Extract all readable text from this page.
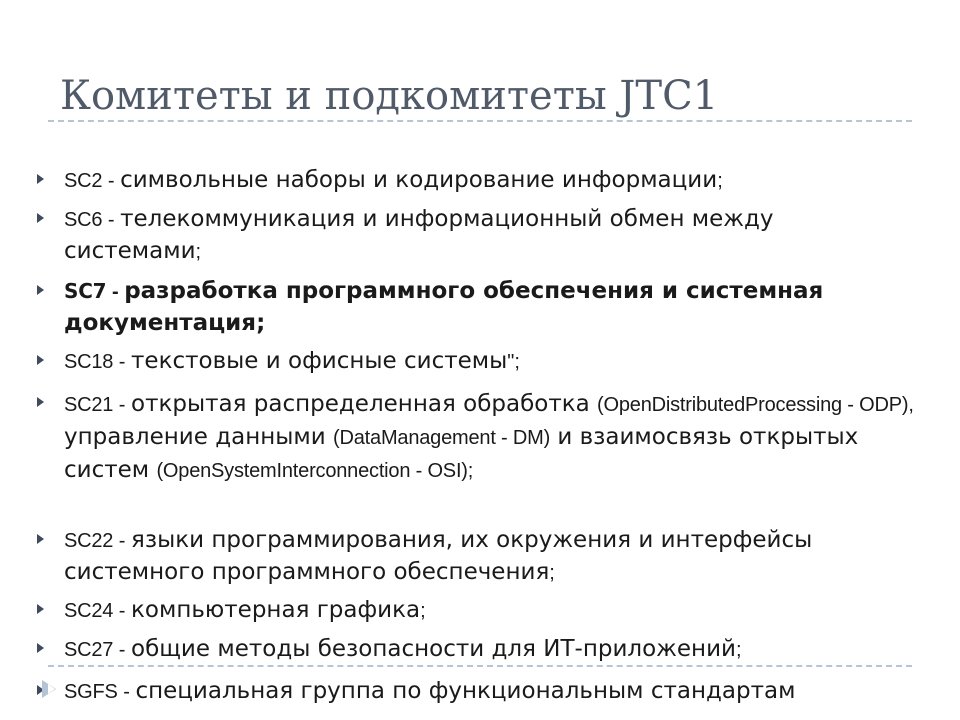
Комитеты и подкомитеты JTC1
SC2 - символьные наборы и кодирование информации;
SC6 - телекоммуникация и информационный обмен между системами;
SC7 - разработка программного обеспечения и системная документация;
SC18 - текстовые и офисные системы";
SC21 - открытая распределенная обработка (OpenDistributedProcessing - ODP), управление данными (DataManagement - DM) и взаимосвязь открытых систем (OpenSystemInterconnection - OSI);
SC22 - языки программирования, их окружения и интерфейсы системного программного обеспечения;
SC24 - компьютерная графика;
SC27 - общие методы безопасности для ИТ-приложений;
SGFS - специальная группа по функциональным стандартам
